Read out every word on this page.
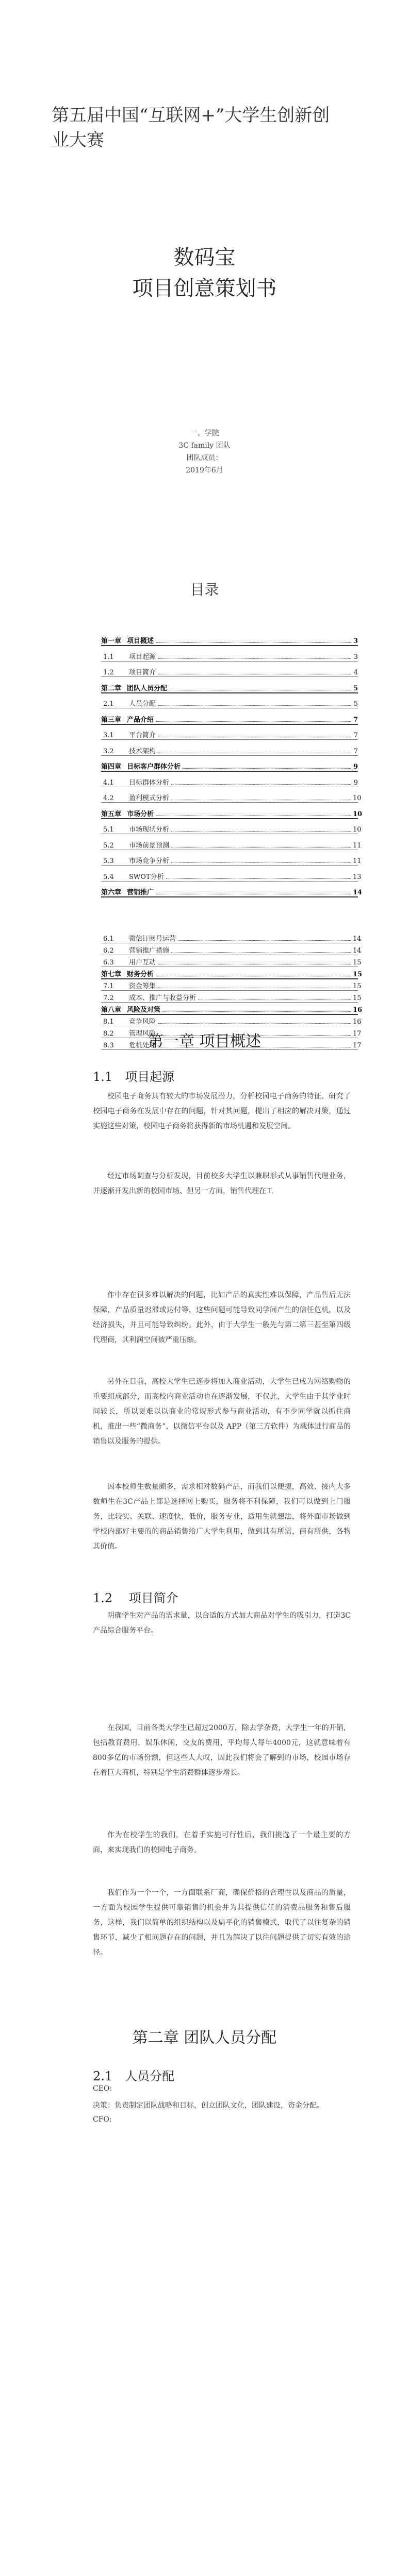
第五届中国“互联网+”大学生创新创业大赛
数码宝
项目创意策划书
一、学院
3C family 团队
团队成员：
2019年6月
目录
第一章 项目概述	3
1.1	项目起源	3
1.2	项目简介	4
第二章 团队人员分配	5
2.1	人员分配	5
第三章 产品介绍	7
3.1	平台简介	7
3.2	技术架构	7
第四章 目标客户群体分析	9
4.1	目标群体分析	9
4.2	盈利模式分析	10
第五章 市场分析	10
5.1	市场现状分析	10
5.2	市场前景预测	11
5.3	市场竞争分析	11
5.4	SWOT分析	13
第六章 营销推广	14
6.1	微信订阅号运营	14
6.2	营销推广措施	14
6.3	用户互动	15
第七章 财务分析	15
7.1	资金筹集	15
7.2	成本、推广与收益分析	15
第八章 风险及对策	16
8.1	竞争风险	16
8.2	管理风险	17
8.3	危机处理	17
第一章 项目概述
1.1　项目起源
校园电子商务具有较大的市场发展潜力，分析校园电子商务的特征、研究了校园电子商务在发展中存在的问题，针对其问题，提出了相应的解决对策，通过实施这些对策，校园电子商务将获得新的市场机遇和发展空间。
经过市场调查与分析发现，目前校多大学生以兼职形式从事销售代理业务，并逐渐开发出新的校园市场、但另一方面，销售代理在工
作中存在很多难以解决的问题，比如产品的真实性难以保障，产品售后无法保障，产品质量迟滞或达付等，这些问题可能导致同学间产生的信任危机，以及经济损失，并且可能导致纠纷。此外，由于大学生一般先与第二第三甚至第四级代理商，其利润空间被严重压缩。
另外在目前，高校大学生已逐步将加入商业活动，大学生已成为网络购物的重要组成部分，而高校内商业活动也在逐渐发展，不仅此，大学生由于其学业时间较长，所以更难以以商业的常规形式参与商业活动，有不少同学就以抓住商机，推出一些“微商务”，以微信平台以及 APP（第三方软件）为载体进行商品的销售以及服务的提供。
因本校师生数量颇多，需求相对数码产品，而我们以便捷，高效、接内大多数师生在3C产品上都是选择网上购买，服务将不利保障，我们可以做到上门服务，比较实、关联、速度快，低价，服务专业，适用生就想法，将外面市场做到学校内部好主要的的商品销售给广大学生利用，做到其有所需，商有所供，各物其价值。
1.2　 项目简介
明确学生对产品的需求量，以合适的方式加大商品对学生的吸引力，打造3C产品综合服务平台。
在我国，目前各类大学生已超过2000万，除去学杂费，大学生一年的开销，包括教育费用，娱乐休闲，交友的费用，平均每人每年4000元，这就意味着有800多亿的市场份额，但这些人大叹，因此我们将会了解到的市场，校园市场存在着巨大商机，特别是学生消费群体逐步增长。
作为在校学生的我们，在着手实施可行性后，我们挑选了一个最主要的方面，来实现我们的校园电子商务。
我们作为一个一个，一方面联系厂商，确保价格的合理性以及商品的质量，一方面为校园学生提供可靠销售的机会并为其提供信任的消费品服务和售后服务，这样，我们以简单的组织结构以及扁平化的销售模式，取代了以往复杂的销售环节，减少了相问题存在的问题，并且为解决了以往问题提供了切实有效的途径。
第二章 团队人员分配
2.1　人员分配
CEO:
决策：负责制定团队战略和目标，创立团队文化，团队建设，资金分配。
CFO:
